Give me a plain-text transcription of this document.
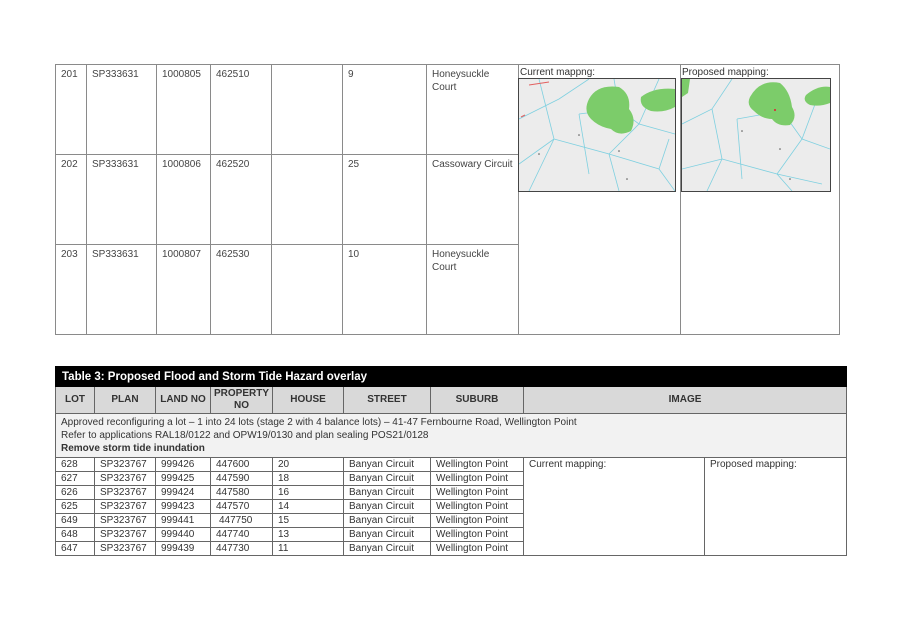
201	SP333631	1000805	462510		9	Honeysuckle Court	Current mappng:	Proposed mapping:

202	SP333631	1000806	462520		25	Cassowary Circuit		
203	SP333631	1000807	462530		10	Honeysuckle Court		
Table 3: Proposed Flood and Storm Tide Hazard overlay								
LOT	PLAN	LAND NO	PROPERTY NO	HOUSE	STREET	SUBURB	IMAGE	

Approved reconfiguring a lot – 1 into 24 lots (stage 2 with 4 balance lots) – 41-47 Fernbourne Road, Wellington Point
Refer to applications RAL18/0122 and OPW19/0130 and plan sealing POS21/0128
Remove storm tide inundation								

628	SP323767	999426	447600	20	Banyan Circuit	Wellington Point	Current mapping:	Proposed mapping:

627	SP323767	999425	447590	18	Banyan Circuit	Wellington Point		
626	SP323767	999424	447580	16	Banyan Circuit	Wellington Point		
625	SP323767	999423	447570	14	Banyan Circuit	Wellington Point		
649	SP323767	999441	447750	15	Banyan Circuit	Wellington Point		
648	SP323767	999440	447740	13	Banyan Circuit	Wellington Point		
647	SP323767	999439	447730	11	Banyan Circuit	Wellington Point		
